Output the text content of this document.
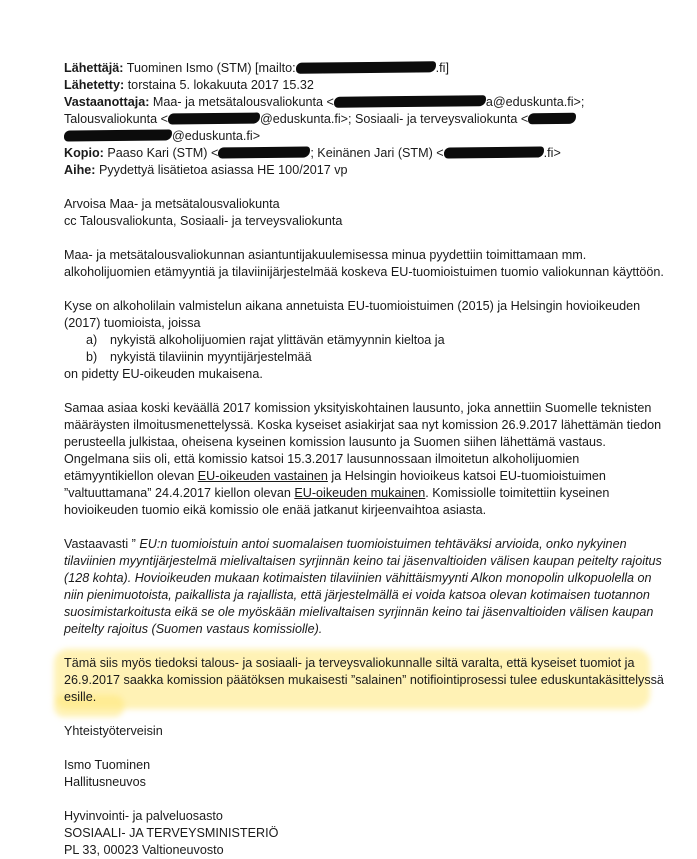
Lähettäjä: Tuominen Ismo (STM) [mailto:	.fi]
Lähetetty: torstaina 5. lokakuuta 2017 15.32
Vastaanottaja: Maa- ja metsätalousvaliokunta <	a@eduskunta.fi>;
Talousvaliokunta <	@eduskunta.fi>; Sosiaali- ja terveysvaliokunta <
@eduskunta.fi>
Kopio: Paaso Kari (STM) <	; Keinänen Jari (STM) <	.fi>
Aihe: Pyydettyä lisätietoa asiassa HE 100/2017 vp

Arvoisa Maa- ja metsätalousvaliokunta

cc Talousvaliokunta, Sosiaali- ja terveysvaliokunta

Maa- ja metsätalousvaliokunnan asiantuntijakuulemisessa minua pyydettiin toimittamaan mm. alkoholijuomien etämyyntiä ja tilaviinijärjestelmää koskeva EU-tuomioistuimen tuomio valiokunnan käyttöön.

Kyse on alkoholilain valmistelun aikana annetuista EU-tuomioistuimen (2015) ja Helsingin hovioikeuden (2017) tuomioista, joissa

a) nykyistä alkoholijuomien rajat ylittävän etämyynnin kieltoa ja
b) nykyistä tilaviinin myyntijärjestelmää

on pidetty EU-oikeuden mukaisena.

Samaa asiaa koski keväällä 2017 komission yksityiskohtainen lausunto, joka annettiin Suomelle teknisten määräysten ilmoitusmenettelyssä. Koska kyseiset asiakirjat saa nyt komission 26.9.2017 lähettämän tiedon perusteella julkistaa, oheisena kyseinen komission lausunto ja Suomen siihen lähettämä vastaus. Ongelmana siis oli, että komissio katsoi 15.3.2017 lausunnossaan ilmoitetun alkoholijuomien etämyyntikiellon olevan EU-oikeuden vastainen ja Helsingin hovioikeus katsoi EU-tuomioistuimen ”valtuuttamana” 24.4.2017 kiellon olevan EU-oikeuden mukainen. Komissiolle toimitettiin kyseinen hovioikeuden tuomio eikä komissio ole enää jatkanut kirjeenvaihtoa asiasta.

Vastaavasti ” EU:n tuomioistuin antoi suomalaisen tuomioistuimen tehtäväksi arvioida, onko nykyinen tilaviinien myyntijärjestelmä mielivaltaisen syrjinnän keino tai jäsenvaltioiden välisen kaupan peitelty rajoitus (128 kohta). Hovioikeuden mukaan kotimaisten tilaviinien vähittäismyynti Alkon monopolin ulkopuolella on niin pienimuotoista, paikallista ja rajallista, että järjestelmällä ei voida katsoa olevan kotimaisen tuotannon suosimistarkoitusta eikä se ole myöskään mielivaltaisen syrjinnän keino tai jäsenvaltioiden välisen kaupan peitelty rajoitus (Suomen vastaus komissiolle).

Tämä siis myös tiedoksi talous- ja sosiaali- ja terveysvaliokunnalle siltä varalta, että kyseiset tuomiot ja 26.9.2017 saakka komission päätöksen mukaisesti ”salainen” notifiointiprosessi tulee eduskuntakäsittelyssä esille.

Yhteistyöterveisin

Ismo Tuominen

Hallitusneuvos

Hyvinvointi- ja palveluosasto

SOSIAALI- JA TERVEYSMINISTERIÖ

PL 33, 00023 Valtioneuvosto
